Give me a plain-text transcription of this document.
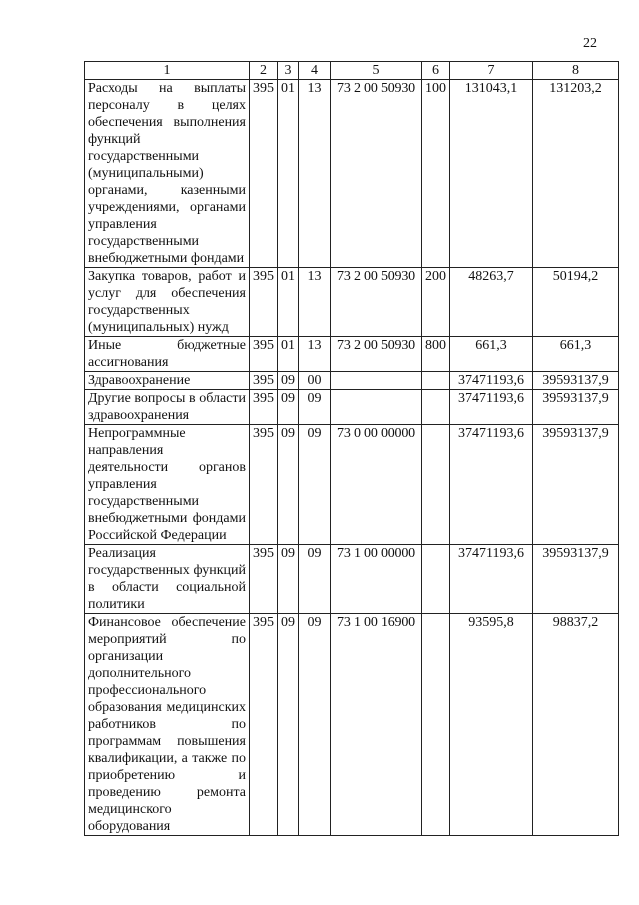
22
1	2	3	4	5	6	7	8
Расходы на выплаты персоналу в целях обеспечения выполнения функций государственными (муниципальными) органами, казенными учреждениями, органами управления государственными внебюджетными фондами	395	01	13	73 2 00 50930	100	131043,1	131203,2
Закупка товаров, работ и услуг для обеспечения государственных (муниципальных) нужд	395	01	13	73 2 00 50930	200	48263,7	50194,2
Иные бюджетные ассигнования	395	01	13	73 2 00 50930	800	661,3	661,3
Здравоохранение	395	09	00			37471193,6	39593137,9
Другие вопросы в области здравоохранения	395	09	09			37471193,6	39593137,9
Непрограммные направления деятельности органов управления государственными внебюджетными фондами Российской Федерации	395	09	09	73 0 00 00000		37471193,6	39593137,9
Реализация государственных функций в области социальной политики	395	09	09	73 1 00 00000		37471193,6	39593137,9
Финансовое обеспечение мероприятий по организации дополнительного профессионального образования медицинских работников по программам повышения квалификации, а также по приобретению и проведению ремонта медицинского оборудования	395	09	09	73 1 00 16900		93595,8	98837,2
